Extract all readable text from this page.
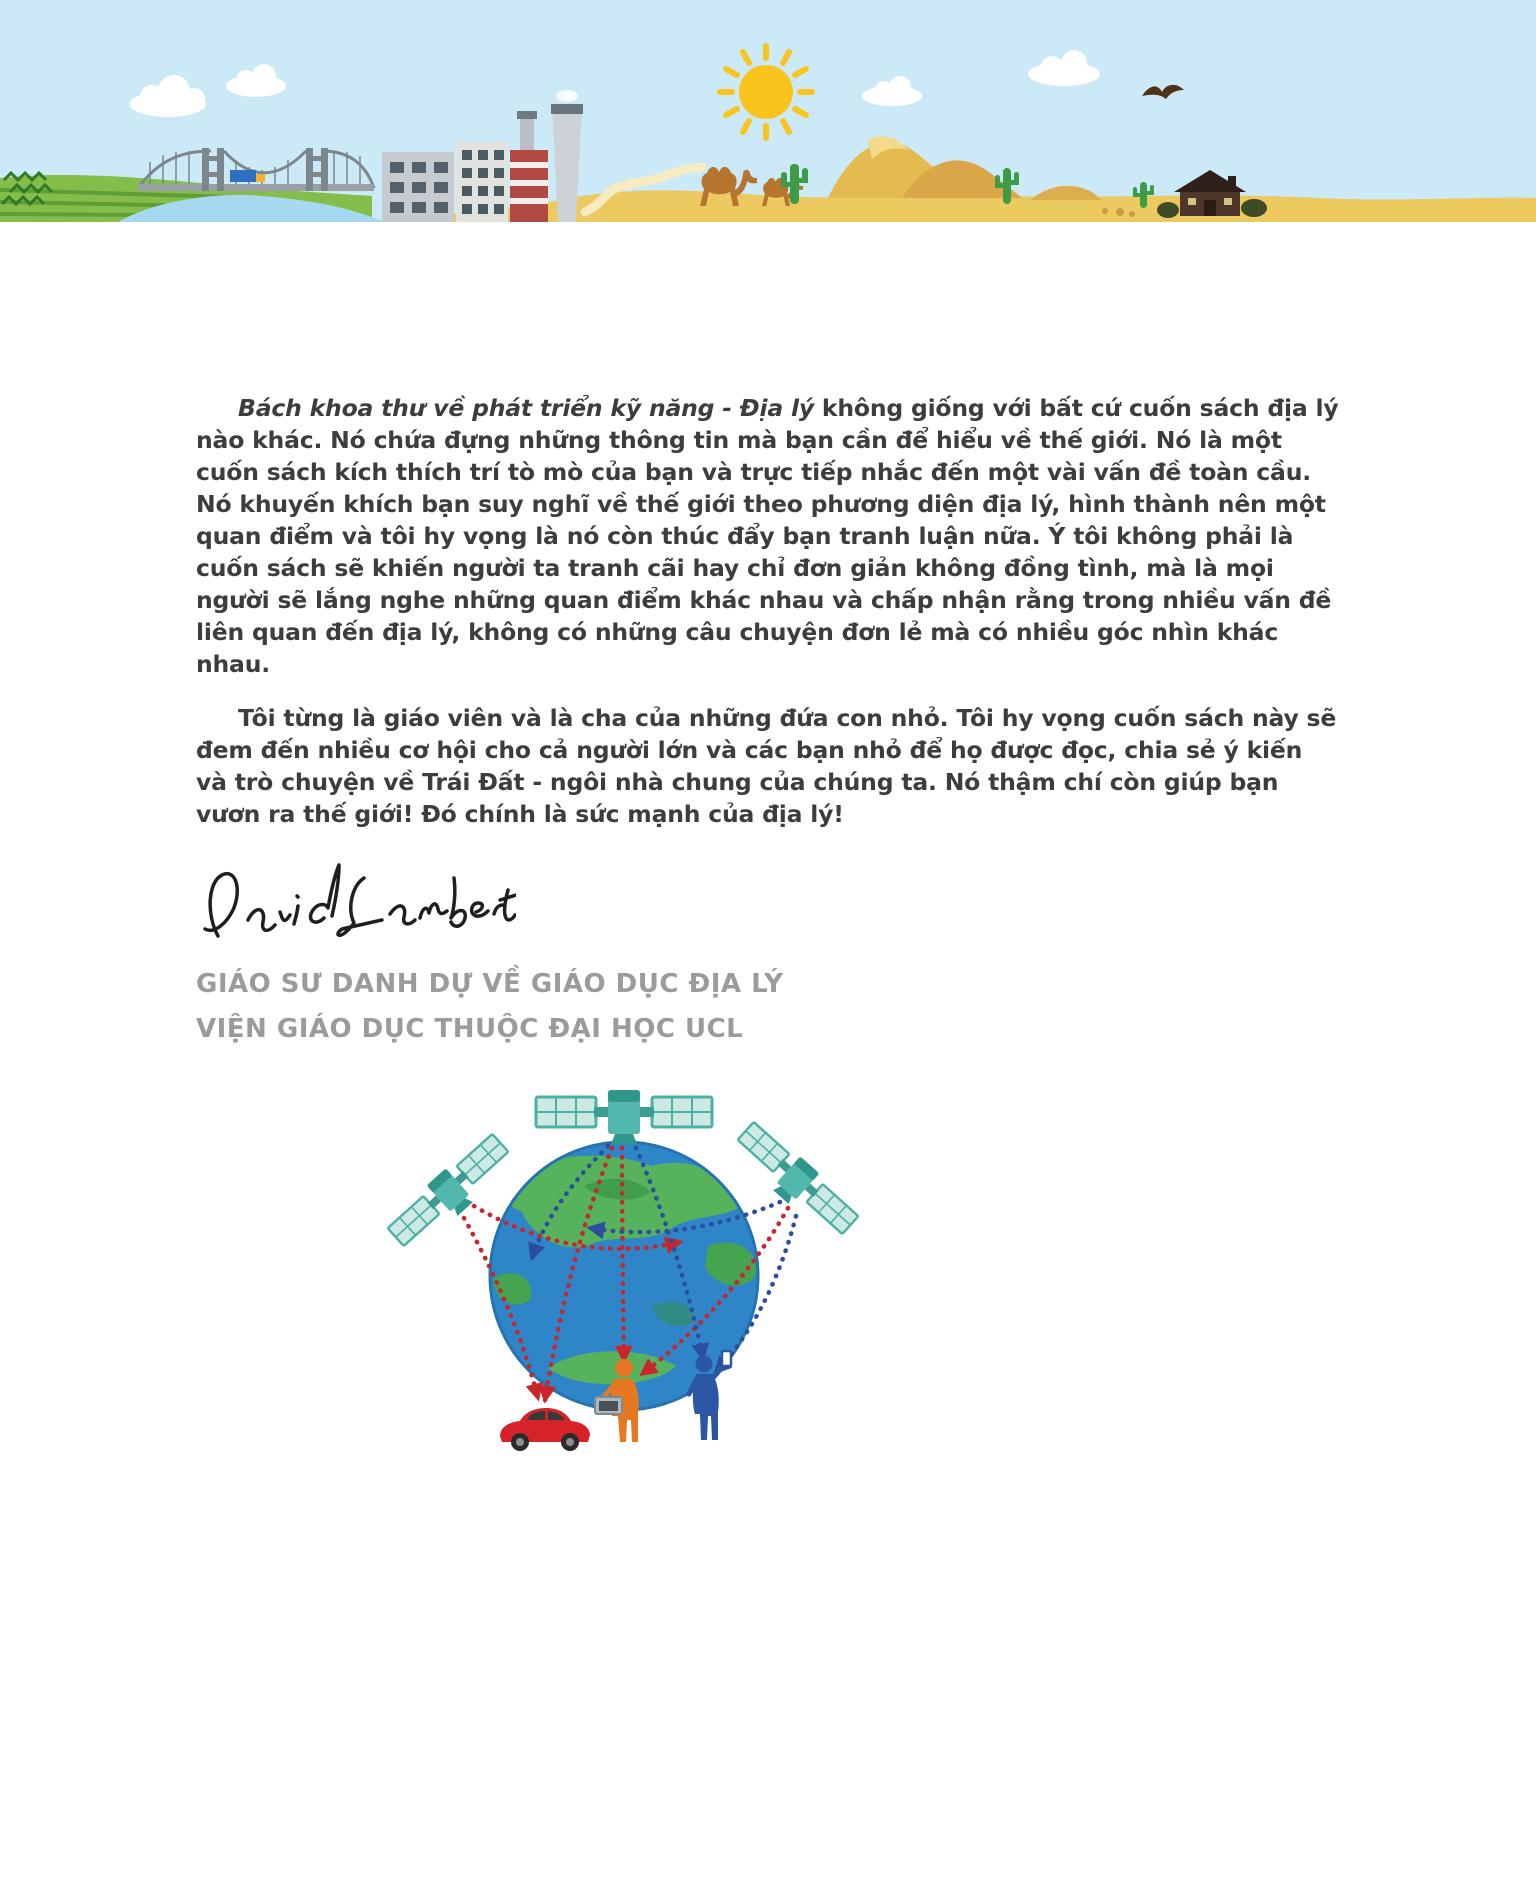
Bách khoa thư về phát triển kỹ năng - Địa lý không giống với bất cứ cuốn sách địa lý nào khác. Nó chứa đựng những thông tin mà bạn cần để hiểu về thế giới. Nó là một cuốn sách kích thích trí tò mò của bạn và trực tiếp nhắc đến một vài vấn đề toàn cầu. Nó khuyến khích bạn suy nghĩ về thế giới theo phương diện địa lý, hình thành nên một quan điểm và tôi hy vọng là nó còn thúc đẩy bạn tranh luận nữa. Ý tôi không phải là cuốn sách sẽ khiến người ta tranh cãi hay chỉ đơn giản không đồng tình, mà là mọi người sẽ lắng nghe những quan điểm khác nhau và chấp nhận rằng trong nhiều vấn đề liên quan đến địa lý, không có những câu chuyện đơn lẻ mà có nhiều góc nhìn khác nhau.

Tôi từng là giáo viên và là cha của những đứa con nhỏ. Tôi hy vọng cuốn sách này sẽ đem đến nhiều cơ hội cho cả người lớn và các bạn nhỏ để họ được đọc, chia sẻ ý kiến và trò chuyện về Trái Đất - ngôi nhà chung của chúng ta. Nó thậm chí còn giúp bạn vươn ra thế giới! Đó chính là sức mạnh của địa lý!

GIÁO SƯ DANH DỰ VỀ GIÁO DỤC ĐỊA LÝ
VIỆN GIÁO DỤC THUỘC ĐẠI HỌC UCL
